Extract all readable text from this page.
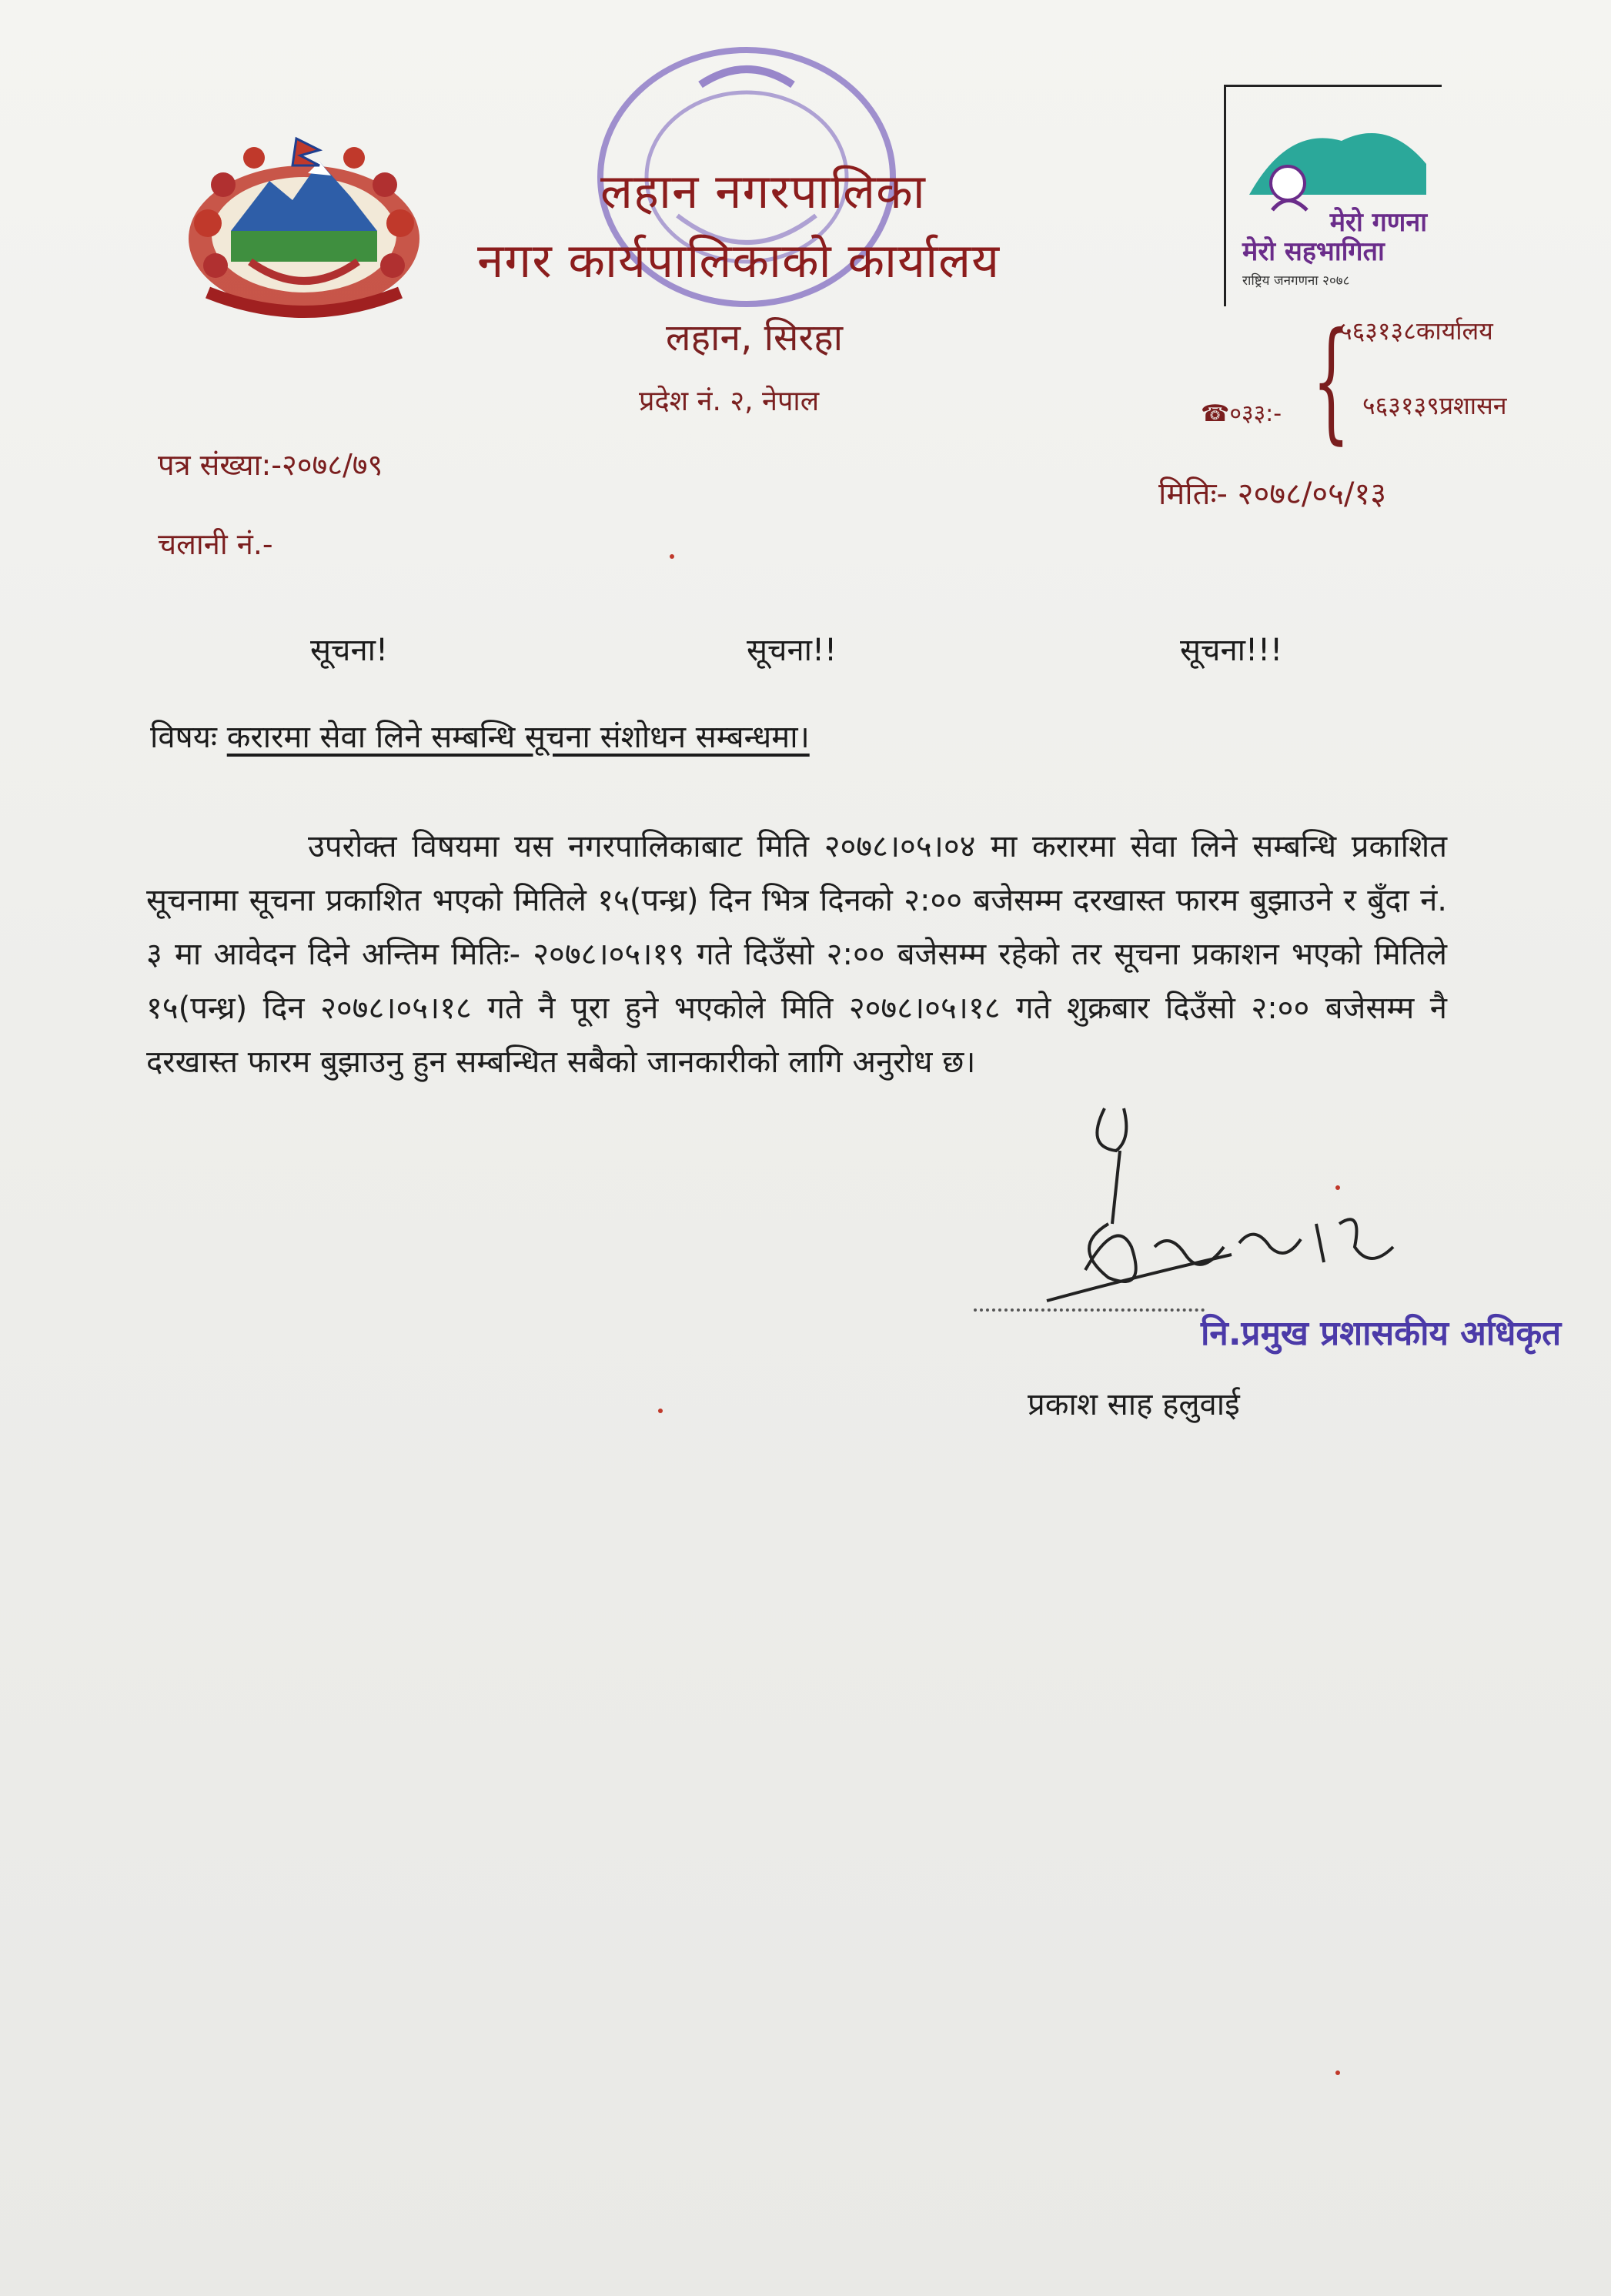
लहान नगरपालिका
नगर कार्यपालिकाको कार्यालय
लहान, सिरहा
प्रदेश नं. २, नेपाल
मेरो गणना
मेरो सहभागिता
राष्ट्रिय जनगणना २०७८
☎०३३:- {
५६३१३८कार्यालय
५६३१३९प्रशासन
पत्र संख्या:-२०७८/७९
मितिः- २०७८/०५/१३
चलानी नं.-
सूचना!	सूचना!!	सूचना!!!
विषयः करारमा सेवा लिने सम्बन्धि सूचना संशोधन सम्बन्धमा।
उपरोक्त विषयमा यस नगरपालिकाबाट मिति २०७८।०५।०४ मा करारमा सेवा लिने सम्बन्धि प्रकाशित सूचनामा सूचना प्रकाशित भएको मितिले १५(पन्ध्र) दिन भित्र दिनको २:०० बजेसम्म दरखास्त फारम बुझाउने र बुँदा नं. ३ मा आवेदन दिने अन्तिम मितिः- २०७८।०५।१९ गते दिउँसो २:०० बजेसम्म रहेको तर सूचना प्रकाशन भएको मितिले १५(पन्ध्र) दिन २०७८।०५।१८ गते नै पूरा हुने भएकोले मिति २०७८।०५।१८ गते शुक्रबार दिउँसो २:०० बजेसम्म नै दरखास्त फारम बुझाउनु हुन सम्बन्धित सबैको जानकारीको लागि अनुरोध छ।
नि.प्रमुख प्रशासकीय अधिकृत
प्रकाश साह हलुवाई
